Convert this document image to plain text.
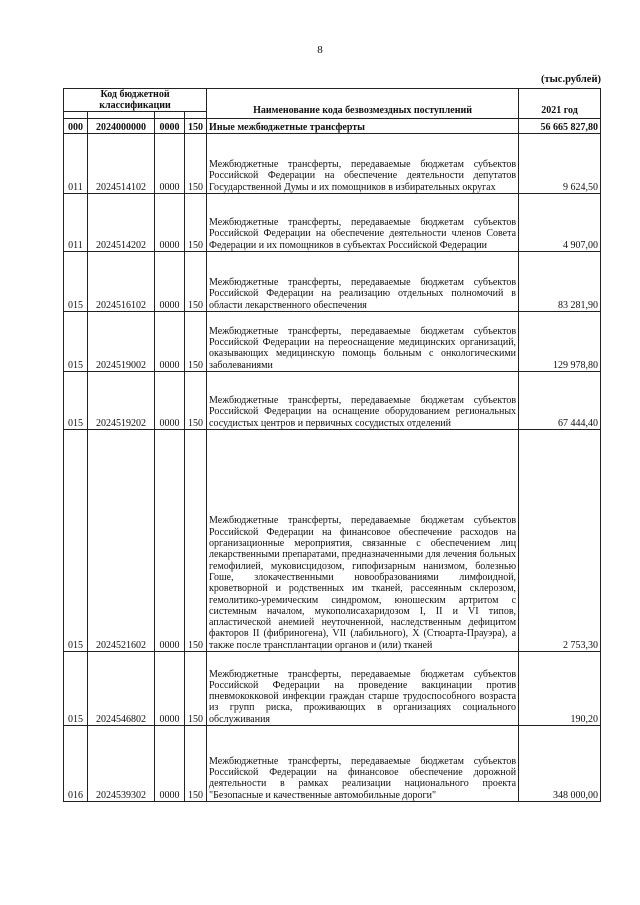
8
(тыс.рублей)
Код бюджетной классификации				Наименование кода безвозмездных поступлений	2021 год

000	2024000000	0000	150	Иные межбюджетные трансферты	56 665 827,80
011	2024514102	0000	150	Межбюджетные трансферты, передаваемые бюджетам субъектов Российской Федерации на обеспечение деятельности депутатов Государственной Думы и их помощников в избирательных округах	9 624,50
011	2024514202	0000	150	Межбюджетные трансферты, передаваемые бюджетам субъектов Российской Федерации на обеспечение деятельности членов Совета Федерации и их помощников в субъектах Российской Федерации	4 907,00
015	2024516102	0000	150	Межбюджетные трансферты, передаваемые бюджетам субъектов Российской Федерации на реализацию отдельных полномочий в области лекарственного обеспечения	83 281,90
015	2024519002	0000	150	Межбюджетные трансферты, передаваемые бюджетам субъектов Российской Федерации на переоснащение медицинских организаций, оказывающих медицинскую помощь больным с онкологическими заболеваниями	129 978,80
015	2024519202	0000	150	Межбюджетные трансферты, передаваемые бюджетам субъектов Российской Федерации на оснащение оборудованием региональных сосудистых центров и первичных сосудистых отделений	67 444,40
015	2024521602	0000	150	Межбюджетные трансферты, передаваемые бюджетам субъектов Российской Федерации на финансовое обеспечение расходов на организационные мероприятия, связанные с обеспечением лиц лекарственными препаратами, предназначенными для лечения больных гемофилией, муковисцидозом, гипофизарным нанизмом, болезнью Гоше, злокачественными новообразованиями лимфоидной, кроветворной и родственных им тканей, рассеянным склерозом, гемолитико-уремическим синдромом, юношеским артритом с системным началом, мукополисахаридозом I, II и VI типов, апластической анемией неуточненной, наследственным дефицитом факторов II (фибриногена), VII (лабильного), X (Стюарта-Прауэра), а также после трансплантации органов и (или) тканей	2 753,30
015	2024546802	0000	150	Межбюджетные трансферты, передаваемые бюджетам субъектов Российской Федерации на проведение вакцинации против пневмококковой инфекции граждан старше трудоспособного возраста из групп риска, проживающих в организациях социального обслуживания	190,20
016	2024539302	0000	150	Межбюджетные трансферты, передаваемые бюджетам субъектов Российской Федерации на финансовое обеспечение дорожной деятельности в рамках реализации национального проекта "Безопасные и качественные автомобильные дороги"	348 000,00
